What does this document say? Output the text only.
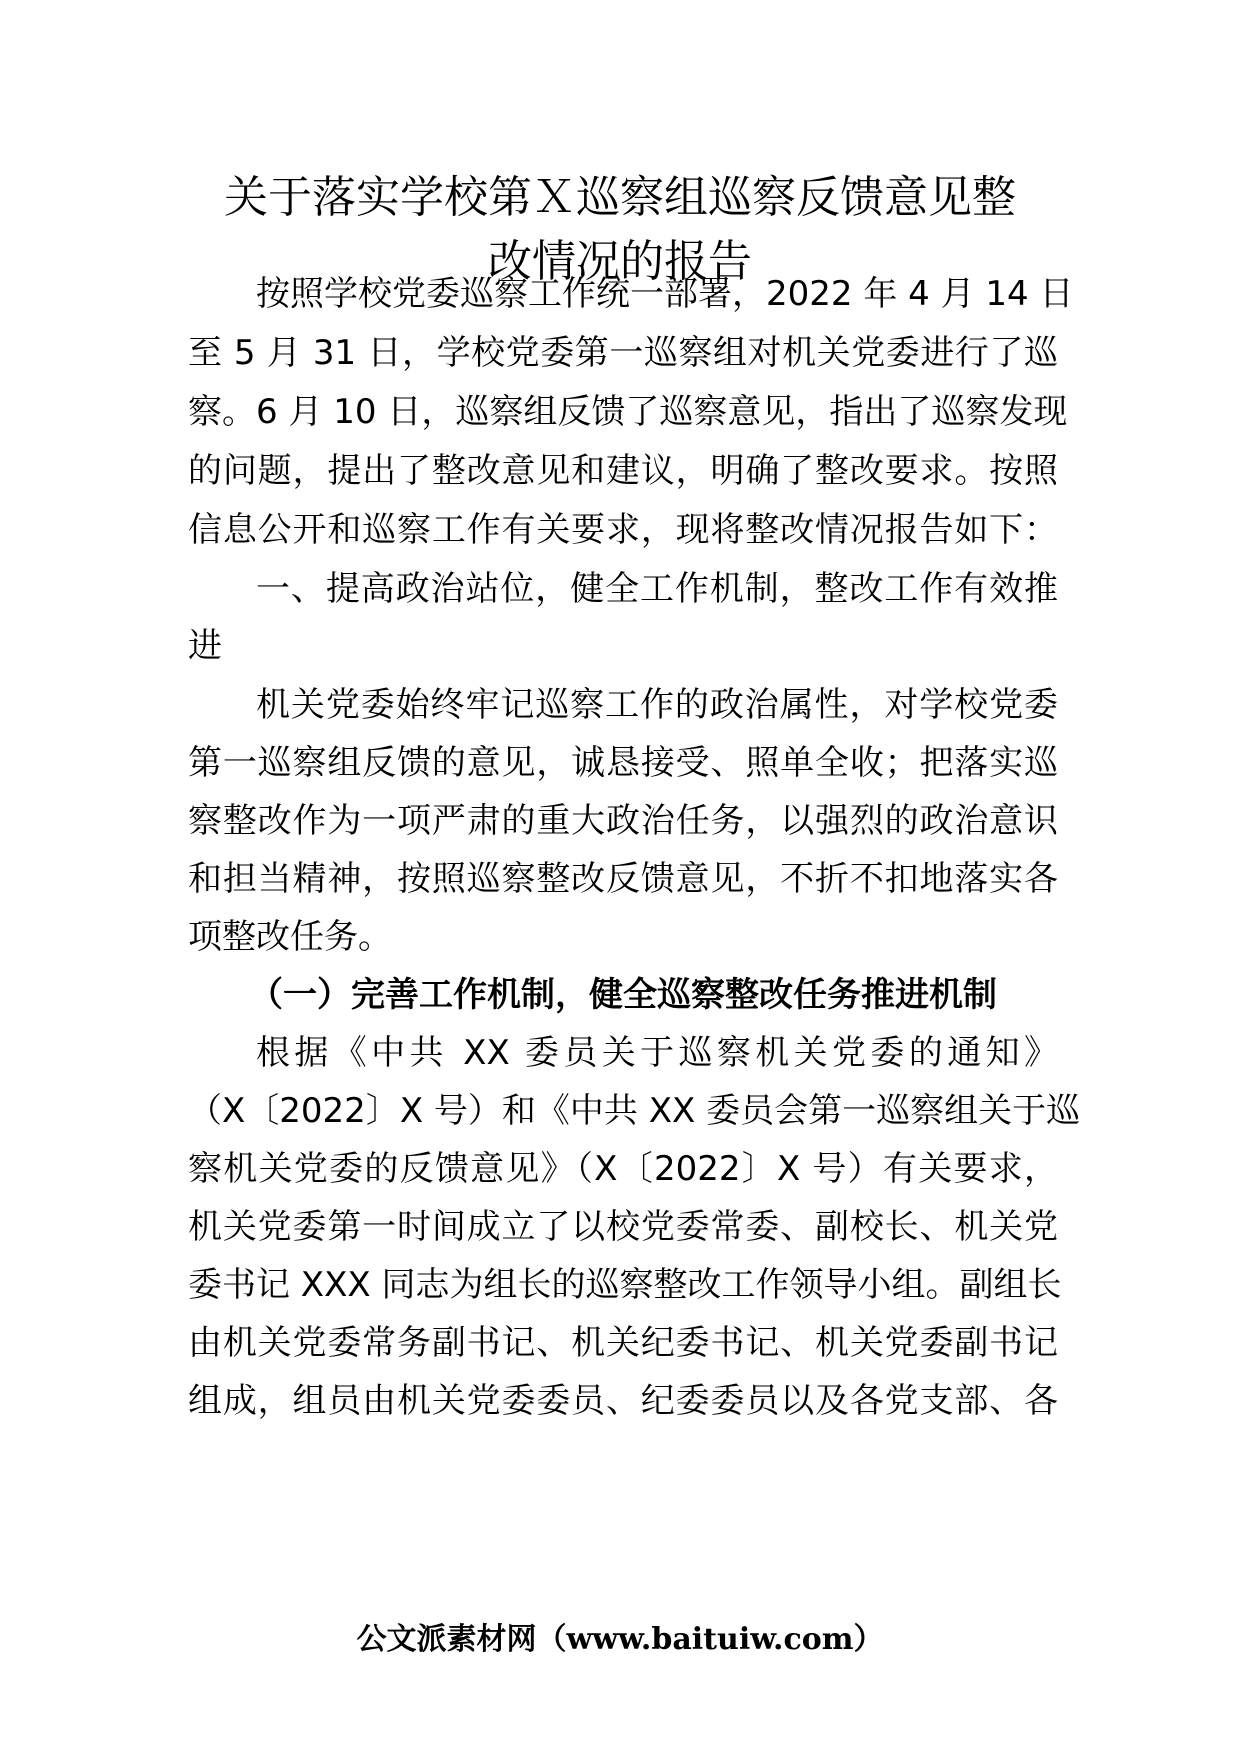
关于落实学校第Ｘ巡察组巡察反馈意见整
改情况的报告

按照学校党委巡察工作统一部署，2022 年 4 月 14 日

至 5 月 31 日，学校党委第一巡察组对机关党委进行了巡

察。6 月 10 日，巡察组反馈了巡察意见，指出了巡察发现

的问题，提出了整改意见和建议，明确了整改要求。按照

信息公开和巡察工作有关要求，现将整改情况报告如下：

一、提高政治站位，健全工作机制，整改工作有效推

进

机关党委始终牢记巡察工作的政治属性，对学校党委

第一巡察组反馈的意见，诚恳接受、照单全收；把落实巡

察整改作为一项严肃的重大政治任务，以强烈的政治意识

和担当精神，按照巡察整改反馈意见，不折不扣地落实各

项整改任务。

（一）完善工作机制，健全巡察整改任务推进机制

根据《中共 XX 委员关于巡察机关党委的通知》

（X〔2022〕X 号）和《中共 XX 委员会第一巡察组关于巡

察机关党委的反馈意见》（X〔2022〕X 号）有关要求，

机关党委第一时间成立了以校党委常委、副校长、机关党

委书记 XXX 同志为组长的巡察整改工作领导小组。副组长

由机关党委常务副书记、机关纪委书记、机关党委副书记

组成，组员由机关党委委员、纪委委员以及各党支部、各

公文派素材网（www.baituiw.com）
